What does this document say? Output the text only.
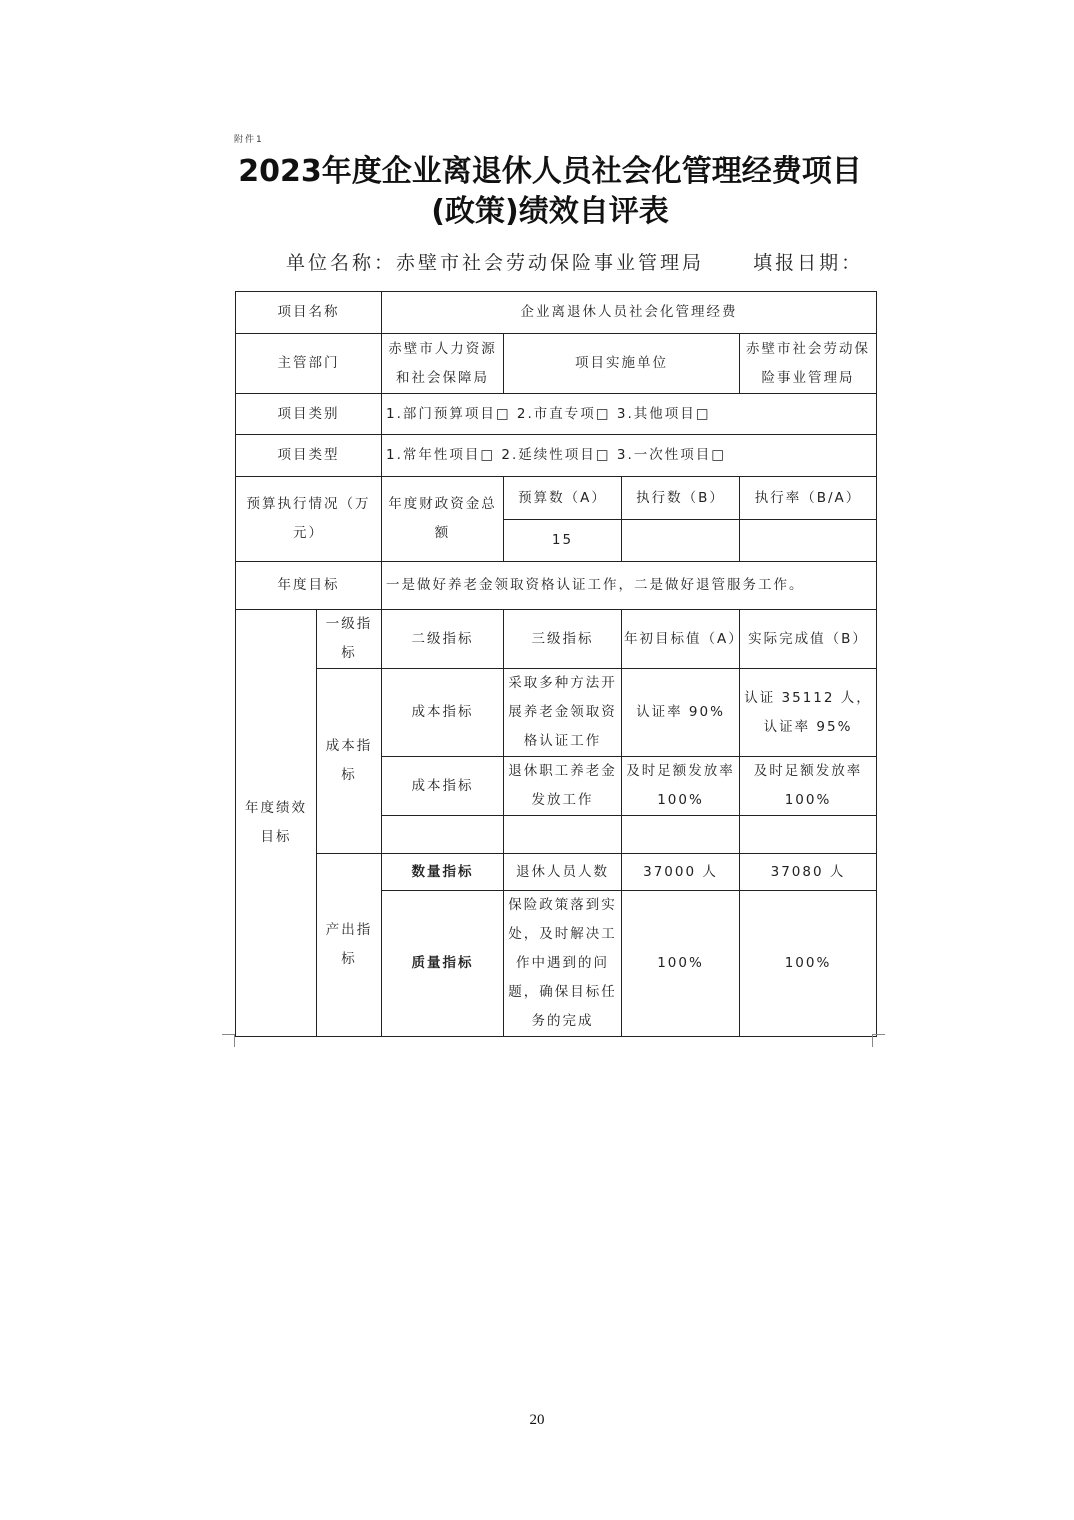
附件1
2023年度企业离退休人员社会化管理经费项目(政策)绩效自评表
单位名称：赤壁市社会劳动保险事业管理局	填报日期：
项目名称		企业离退休人员社会化管理经费			
主管部门		赤壁市人力资源和社会保障局	项目实施单位		赤壁市社会劳动保险事业管理局
项目类别		1.部门预算项目□ 2.市直专项□ 3.其他项目□			
项目类型		1.常年性项目□ 2.延续性项目□ 3.一次性项目□			
预算执行情况（万元）		年度财政资金总额	预算数（A）	执行数（B）	执行率（B/A）
			15		
年度目标		一是做好养老金领取资格认证工作，二是做好退管服务工作。			
年度绩效目标	一级指标	二级指标	三级指标	年初目标值（A）	实际完成值（B）
	成本指标	成本指标	采取多种方法开展养老金领取资格认证工作	认证率 90%	认证 35112 人，认证率 95%
		成本指标	退休职工养老金发放工作	及时足额发放率 100%	及时足额发放率 100%

	产出指标	数量指标	退休人员人数	37000 人	37080 人
		质量指标	保险政策落到实处，及时解决工作中遇到的问题，确保目标任务的完成	100%	100%
20
